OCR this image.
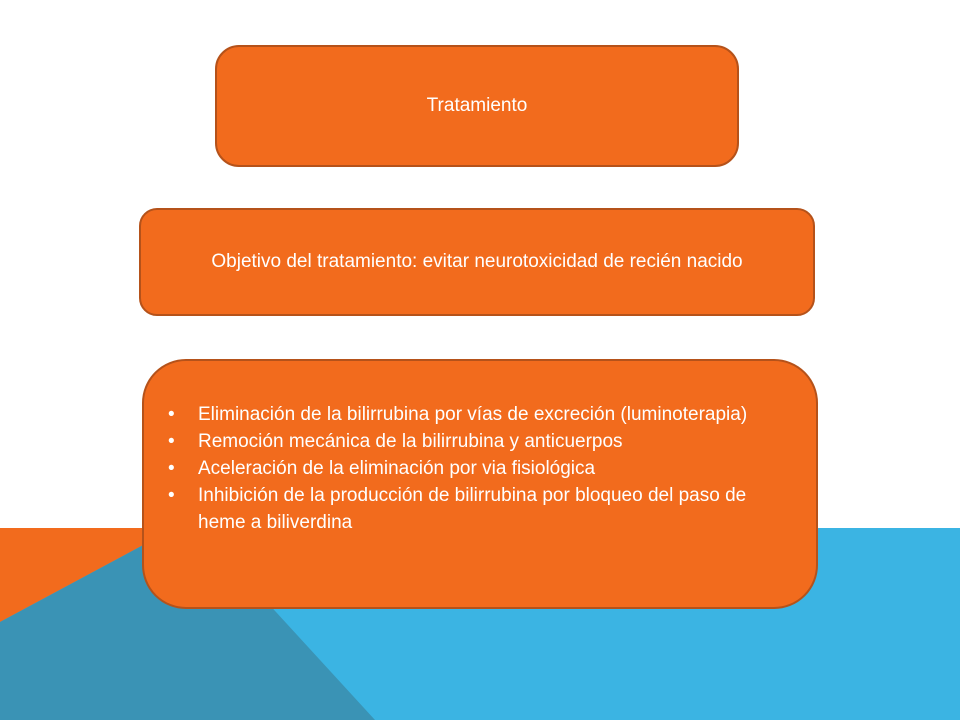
Tratamiento
Objetivo del tratamiento: evitar neurotoxicidad de recién nacido
• Eliminación de la bilirrubina por vías de excreción (luminoterapia)
• Remoción mecánica de la bilirrubina y anticuerpos
• Aceleración de la eliminación por via fisiológica
• Inhibición de la producción de bilirrubina por bloqueo del paso de heme a biliverdina
